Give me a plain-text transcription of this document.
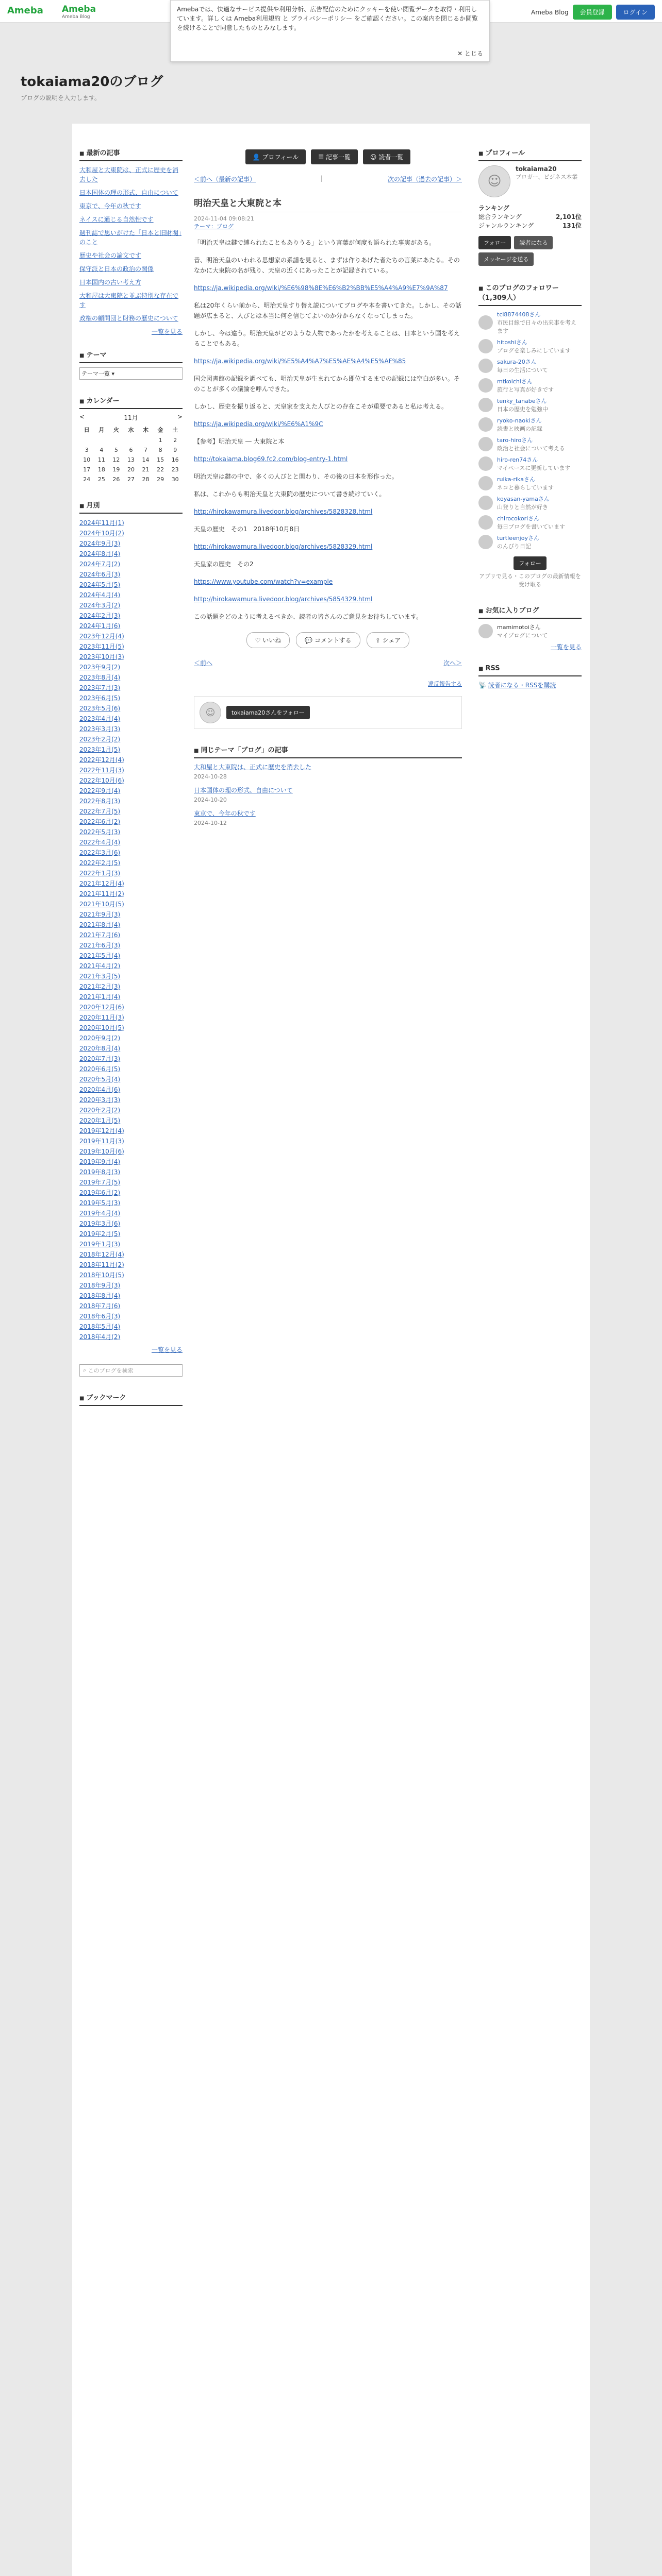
Ameba Ameba
Ameba Blog
Ameba Blog	会員登録	ログイン
Amebaでは、快適なサービス提供や利用分析、広告配信のためにクッキーを使い閲覧データを取得・利用しています。詳しくは Ameba利用規約 と プライバシーポリシー をご確認ください。この案内を閉じるか閲覧を続けることで同意したものとみなします。
✕ とじる
tokaiama20のブログ
ブログの説明を入力します。
■ 最新の記事
大和屋と大東院は、正式に歴史を消去した
日本国体の理の形式、自由について
東京で、今年の秋です
ネイスに通じる自然性です
週刊誌で思いがけた「日本と旧財閥」のこと
歴史や社会の論文です
保守派と日本の政治の関係
日本国内の古い考え方
大和屋は大東院と並ぶ特別な存在です
政権の顧問団と財務の歴史について
一覧を見る
■ テーマ
テーマ一覧 ▾
■ カレンダー
<	11月	>
日	月	火	水	木	金	土
					1	2
3	4	5	6	7	8	9
10	11	12	13	14	15	16
17	18	19	20	21	22	23
24	25	26	27	28	29	30
■ 月別
2024年11月(1)
2024年10月(2)
2024年9月(3)
2024年8月(4)
2024年7月(2)
2024年6月(3)
2024年5月(5)
2024年4月(4)
2024年3月(2)
2024年2月(3)
2024年1月(6)
2023年12月(4)
2023年11月(5)
2023年10月(3)
2023年9月(2)
2023年8月(4)
2023年7月(3)
2023年6月(5)
2023年5月(6)
2023年4月(4)
2023年3月(3)
2023年2月(2)
2023年1月(5)
2022年12月(4)
2022年11月(3)
2022年10月(6)
2022年9月(4)
2022年8月(3)
2022年7月(5)
2022年6月(2)
2022年5月(3)
2022年4月(4)
2022年3月(6)
2022年2月(5)
2022年1月(3)
2021年12月(4)
2021年11月(2)
2021年10月(5)
2021年9月(3)
2021年8月(4)
2021年7月(6)
2021年6月(3)
2021年5月(4)
2021年4月(2)
2021年3月(5)
2021年2月(3)
2021年1月(4)
2020年12月(6)
2020年11月(3)
2020年10月(5)
2020年9月(2)
2020年8月(4)
2020年7月(3)
2020年6月(5)
2020年5月(4)
2020年4月(6)
2020年3月(3)
2020年2月(2)
2020年1月(5)
2019年12月(4)
2019年11月(3)
2019年10月(6)
2019年9月(4)
2019年8月(3)
2019年7月(5)
2019年6月(2)
2019年5月(3)
2019年4月(4)
2019年3月(6)
2019年2月(5)
2019年1月(3)
2018年12月(4)
2018年11月(2)
2018年10月(5)
2018年9月(3)
2018年8月(4)
2018年7月(6)
2018年6月(3)
2018年5月(4)
2018年4月(2)
一覧を見る
⌕
このブログを検索
■ ブックマーク
👤 プロフィール	☰ 記事一覧	☺ 読者一覧
＜前へ（最新の記事）	|	次の記事（過去の記事）＞
明治天皇と大東院と本
2024-11-04 09:08:21
テーマ：ブログ

「明治天皇は鍵で縛られたこともありうる」という言葉が何度も語られた事実がある。

昔、明治天皇のいわれる思想家の系譜を見ると、まずは作りあげた者たちの言葉にあたる。そのなかに大東院の名が残り、天皇の近くにあったことが記録されている。

https://ja.wikipedia.org/wiki/%E6%98%8E%E6%B2%BB%E5%A4%A9%E7%9A%87

私は20年くらい前から、明治天皇すり替え説についてブログや本を書いてきた。しかし、その話題が広まると、人びとは本当に何を信じてよいのか分からなくなってしまった。

しかし、今は違う。明治天皇がどのような人物であったかを考えることは、日本という国を考えることでもある。

https://ja.wikipedia.org/wiki/%E5%A4%A7%E5%AE%A4%E5%AF%85

国会図書館の記録を調べても、明治天皇が生まれてから即位するまでの記録には空白が多い。そのことが多くの議論を呼んできた。

しかし、歴史を振り返ると、天皇家を支えた人びとの存在こそが重要であると私は考える。

https://ja.wikipedia.org/wiki/%E6%A1%9C

【参考】明治天皇 ― 大東院と本

http://tokaiama.blog69.fc2.com/blog-entry-1.html

明治天皇は鍵の中で、多くの人びとと関わり、その後の日本を形作った。

私は、これからも明治天皇と大東院の歴史について書き続けていく。

http://hirokawamura.livedoor.blog/archives/5828328.html

天皇の歴史　その1　2018年10月8日

http://hirokawamura.livedoor.blog/archives/5828329.html

天皇家の歴史　その2

https://www.youtube.com/watch?v=example

http://hirokawamura.livedoor.blog/archives/5854329.html

この話題をどのように考えるべきか、読者の皆さんのご意見をお待ちしています。

♡ いいね	💬 コメントする	⇪ シェア
＜前へ	次へ＞
違反報告する
☺	tokaiama20さんをフォロー
■ 同じテーマ「ブログ」の記事
大和屋と大東院は、正式に歴史を消去した
2024-10-28
日本国体の理の形式、自由について
2024-10-20
東京で、今年の秋です
2024-10-12
■ プロフィール
☺
tokaiama20
ブロガー、ビジネス本業
ランキング
総合ランキング	2,101位
ジャンルランキング	131位
フォロー	読者になる
メッセージを送る
■ このブログのフォロワー（1,309人）
tcl8874408さん
市民目線で日々の出来事を考えます
hitoshiさん
ブログを楽しみにしています
sakura-20さん
毎日の生活について
mtkoichiさん
旅行と写真が好きです
tenky_tanabeさん
日本の歴史を勉強中
ryoko-naokiさん
読書と映画の記録
taro-hiroさん
政治と社会について考える
hiro-ren74さん
マイペースに更新しています
ruika-rikaさん
ネコと暮らしています
koyasan-yamaさん
山登りと自然が好き
chirocokoriさん
毎日ブログを書いています
turtleenjoyさん
のんびり日記
フォロー
アプリで見る・このブログの最新情報を受け取る
■ お気に入りブログ
mamimotoiさん
マイブログについて
一覧を見る
■ RSS
📡 読者になる・RSSを購読
